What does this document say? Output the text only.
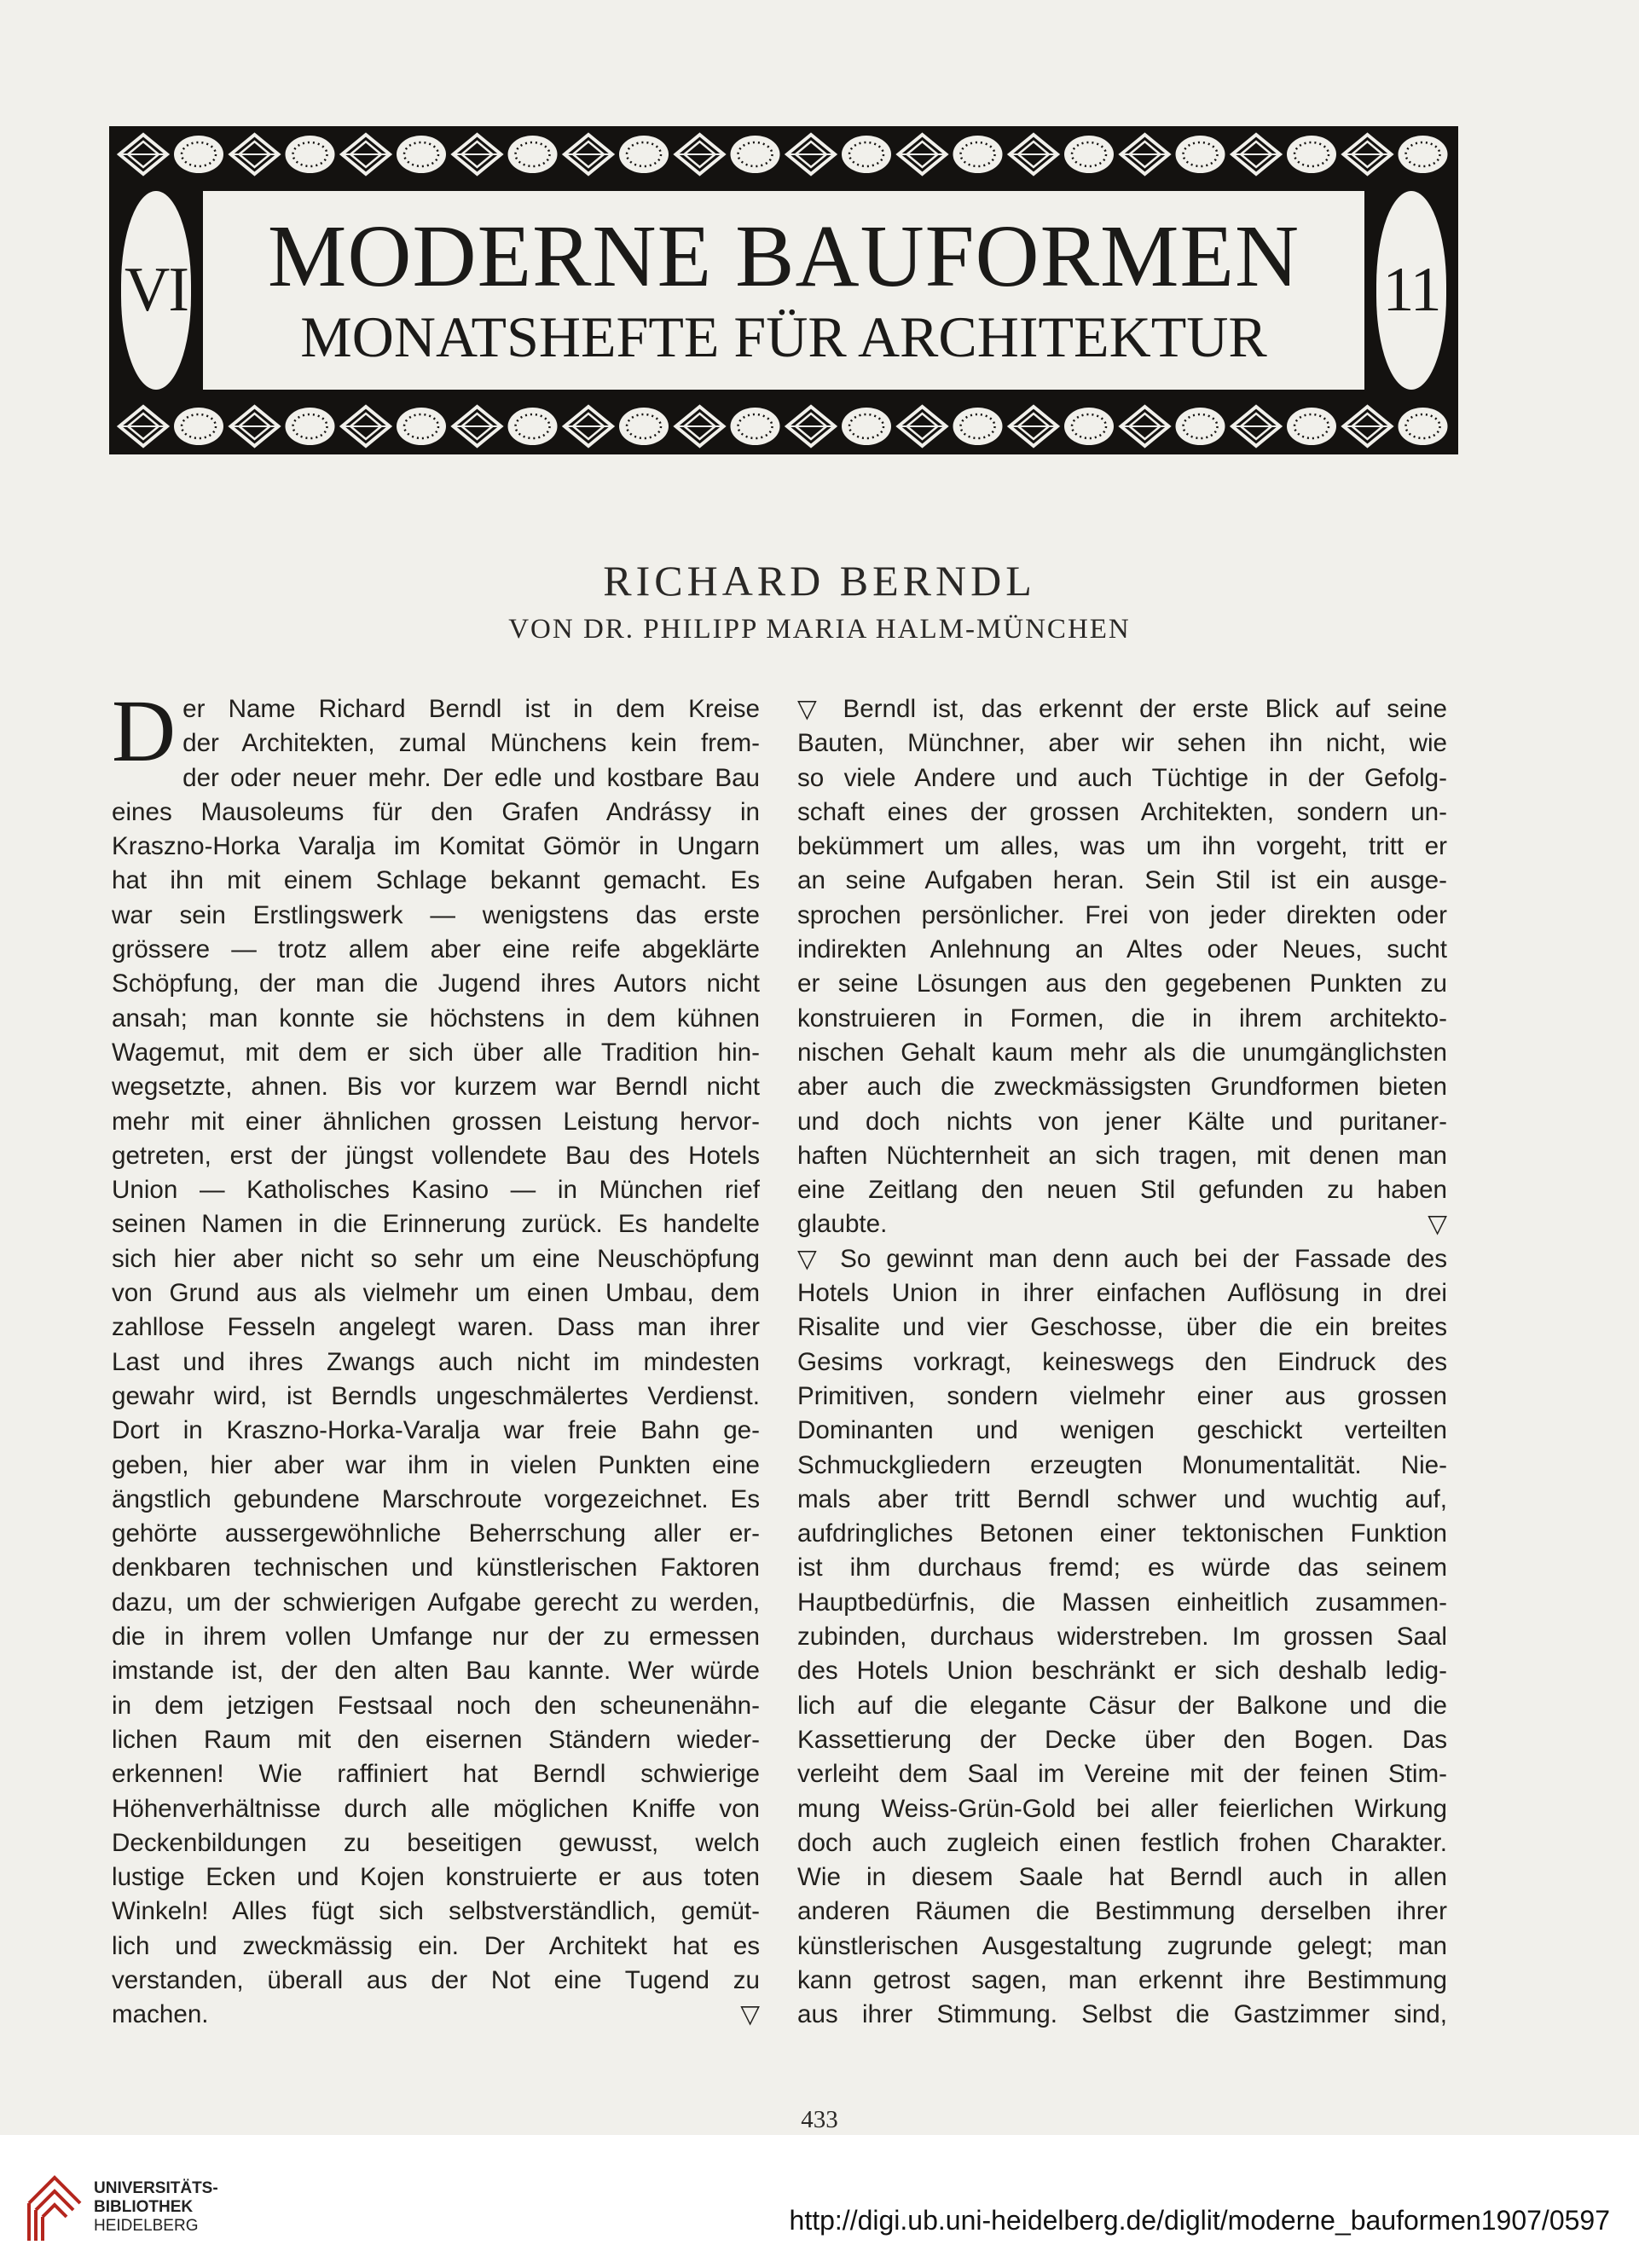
VI MODERNE BAUFORMEN
MONATSHEFTE FÜR ARCHITEKTUR
11
RICHARD BERNDL
VON DR. PHILIPP MARIA HALM-MÜNCHEN
D er Name Richard Berndl ist in dem Kreise
der Architekten, zumal Münchens kein frem-
der oder neuer mehr. Der edle und kostbare Bau
eines Mausoleums für den Grafen Andrássy in
Kraszno-Horka Varalja im Komitat Gömör in Ungarn
hat ihn mit einem Schlage bekannt gemacht. Es
war sein Erstlingswerk — wenigstens das erste
grössere — trotz allem aber eine reife abgeklärte
Schöpfung, der man die Jugend ihres Autors nicht
ansah; man konnte sie höchstens in dem kühnen
Wagemut, mit dem er sich über alle Tradition hin-
wegsetzte, ahnen. Bis vor kurzem war Berndl nicht
mehr mit einer ähnlichen grossen Leistung hervor-
getreten, erst der jüngst vollendete Bau des Hotels
Union — Katholisches Kasino — in München rief
seinen Namen in die Erinnerung zurück. Es handelte
sich hier aber nicht so sehr um eine Neuschöpfung
von Grund aus als vielmehr um einen Umbau, dem
zahllose Fesseln angelegt waren. Dass man ihrer
Last und ihres Zwangs auch nicht im mindesten
gewahr wird, ist Berndls ungeschmälertes Verdienst.
Dort in Kraszno-Horka-Varalja war freie Bahn ge-
geben, hier aber war ihm in vielen Punkten eine
ängstlich gebundene Marschroute vorgezeichnet. Es
gehörte aussergewöhnliche Beherrschung aller er-
denkbaren technischen und künstlerischen Faktoren
dazu, um der schwierigen Aufgabe gerecht zu werden,
die in ihrem vollen Umfange nur der zu ermessen
imstande ist, der den alten Bau kannte. Wer würde
in dem jetzigen Festsaal noch den scheunenähn-
lichen Raum mit den eisernen Ständern wieder-
erkennen! Wie raffiniert hat Berndl schwierige
Höhenverhältnisse durch alle möglichen Kniffe von
Deckenbildungen zu beseitigen gewusst, welch
lustige Ecken und Kojen konstruierte er aus toten
Winkeln! Alles fügt sich selbstverständlich, gemüt-
lich und zweckmässig ein. Der Architekt hat es
verstanden, überall aus der Not eine Tugend zu
machen.	▽
▽ Berndl ist, das erkennt der erste Blick auf seine
Bauten, Münchner, aber wir sehen ihn nicht, wie
so viele Andere und auch Tüchtige in der Gefolg-
schaft eines der grossen Architekten, sondern un-
bekümmert um alles, was um ihn vorgeht, tritt er
an seine Aufgaben heran. Sein Stil ist ein ausge-
sprochen persönlicher. Frei von jeder direkten oder
indirekten Anlehnung an Altes oder Neues, sucht
er seine Lösungen aus den gegebenen Punkten zu
konstruieren in Formen, die in ihrem architekto-
nischen Gehalt kaum mehr als die unumgänglichsten
aber auch die zweckmässigsten Grundformen bieten
und doch nichts von jener Kälte und puritaner-
haften Nüchternheit an sich tragen, mit denen man
eine Zeitlang den neuen Stil gefunden zu haben
glaubte.	▽
▽ So gewinnt man denn auch bei der Fassade des
Hotels Union in ihrer einfachen Auflösung in drei
Risalite und vier Geschosse, über die ein breites
Gesims vorkragt, keineswegs den Eindruck des
Primitiven, sondern vielmehr einer aus grossen
Dominanten und wenigen geschickt verteilten
Schmuckgliedern erzeugten Monumentalität. Nie-
mals aber tritt Berndl schwer und wuchtig auf,
aufdringliches Betonen einer tektonischen Funktion
ist ihm durchaus fremd; es würde das seinem
Hauptbedürfnis, die Massen einheitlich zusammen-
zubinden, durchaus widerstreben. Im grossen Saal
des Hotels Union beschränkt er sich deshalb ledig-
lich auf die elegante Cäsur der Balkone und die
Kassettierung der Decke über den Bogen. Das
verleiht dem Saal im Vereine mit der feinen Stim-
mung Weiss-Grün-Gold bei aller feierlichen Wirkung
doch auch zugleich einen festlich frohen Charakter.
Wie in diesem Saale hat Berndl auch in allen
anderen Räumen die Bestimmung derselben ihrer
künstlerischen Ausgestaltung zugrunde gelegt; man
kann getrost sagen, man erkennt ihre Bestimmung
aus ihrer Stimmung. Selbst die Gastzimmer sind,
433
UNIVERSITÄTS-
BIBLIOTHEK
HEIDELBERG	http://digi.ub.uni-heidelberg.de/diglit/moderne_bauformen1907/0597
